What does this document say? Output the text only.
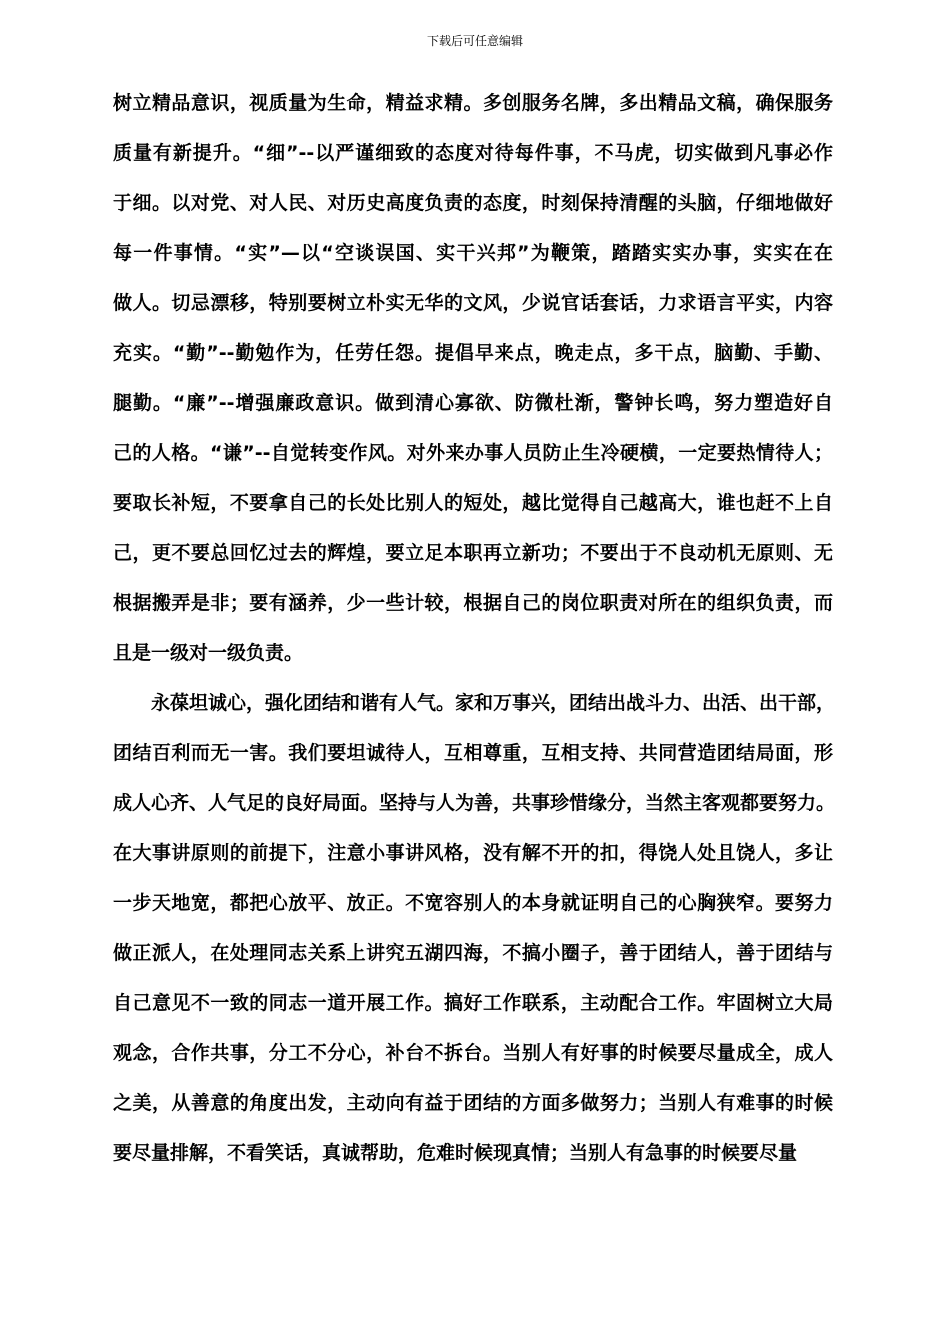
下载后可任意编辑
树立精品意识，视质量为生命，精益求精。多创服务名牌，多出精品文稿，确保服务
质量有新提升。“细”--以严谨细致的态度对待每件事，不马虎，切实做到凡事必作
于细。以对党、对人民、对历史高度负责的态度，时刻保持清醒的头脑，仔细地做好
每一件事情。“实”—以“空谈误国、实干兴邦”为鞭策，踏踏实实办事，实实在在
做人。切忌漂移，特别要树立朴实无华的文风，少说官话套话，力求语言平实，内容
充实。“勤”--勤勉作为，任劳任怨。提倡早来点，晚走点，多干点，脑勤、手勤、
腿勤。“廉”--增强廉政意识。做到清心寡欲、防微杜渐，警钟长鸣，努力塑造好自
己的人格。“谦”--自觉转变作风。对外来办事人员防止生冷硬横，一定要热情待人；
要取长补短，不要拿自己的长处比别人的短处，越比觉得自己越高大，谁也赶不上自
己，更不要总回忆过去的辉煌，要立足本职再立新功；不要出于不良动机无原则、无
根据搬弄是非；要有涵养，少一些计较，根据自己的岗位职责对所在的组织负责，而
且是一级对一级负责。
永葆坦诚心，强化团结和谐有人气。家和万事兴，团结出战斗力、出活、出干部，
团结百利而无一害。我们要坦诚待人，互相尊重，互相支持、共同营造团结局面，形
成人心齐、人气足的良好局面。坚持与人为善，共事珍惜缘分，当然主客观都要努力。
在大事讲原则的前提下，注意小事讲风格，没有解不开的扣，得饶人处且饶人，多让
一步天地宽，都把心放平、放正。不宽容别人的本身就证明自己的心胸狭窄。要努力
做正派人，在处理同志关系上讲究五湖四海，不搞小圈子，善于团结人，善于团结与
自己意见不一致的同志一道开展工作。搞好工作联系，主动配合工作。牢固树立大局
观念，合作共事，分工不分心，补台不拆台。当别人有好事的时候要尽量成全，成人
之美，从善意的角度出发，主动向有益于团结的方面多做努力；当别人有难事的时候
要尽量排解，不看笑话，真诚帮助，危难时候现真情；当别人有急事的时候要尽量
